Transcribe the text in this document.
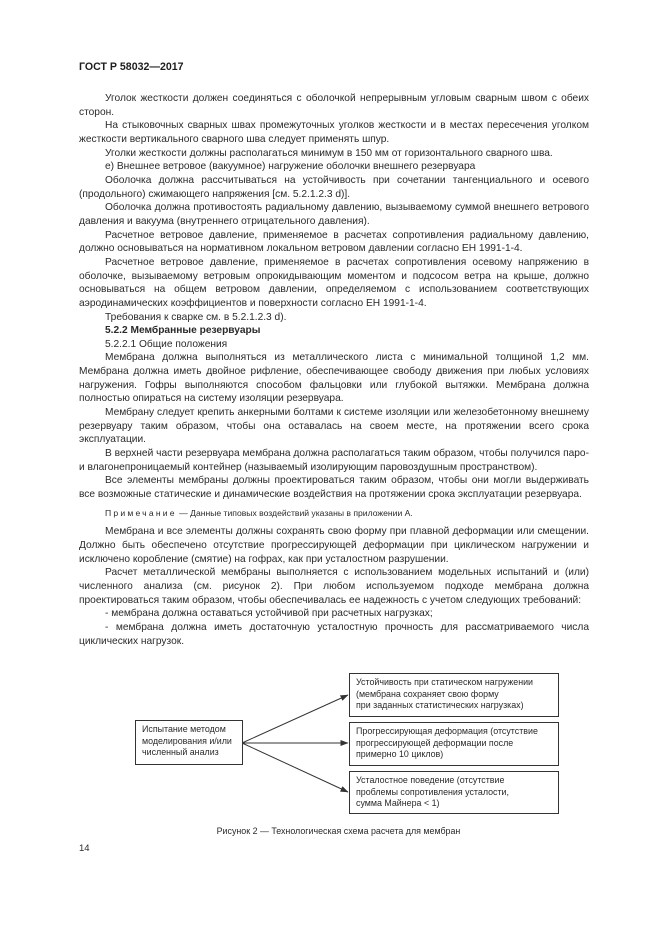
ГОСТ Р 58032—2017

Уголок жесткости должен соединяться с оболочкой непрерывным угловым сварным швом с обеих сторон.

На стыковочных сварных швах промежуточных уголков жесткости и в местах пересечения уголком жесткости вертикального сварного шва следует применять шпур.

Уголки жесткости должны располагаться минимум в 150 мм от горизонтального сварного шва.

е) Внешнее ветровое (вакуумное) нагружение оболочки внешнего резервуара

Оболочка должна рассчитываться на устойчивость при сочетании тангенциального и осевого (продольного) сжимающего напряжения [см. 5.2.1.2.3 d)].

Оболочка должна противостоять радиальному давлению, вызываемому суммой внешнего ветрового давления и вакуума (внутреннего отрицательного давления).

Расчетное ветровое давление, применяемое в расчетах сопротивления радиальному давлению, должно основываться на нормативном локальном ветровом давлении согласно ЕН 1991-1-4.

Расчетное ветровое давление, применяемое в расчетах сопротивления осевому напряжению в оболочке, вызываемому ветровым опрокидывающим моментом и подсосом ветра на крыше, должно основываться на общем ветровом давлении, определяемом с использованием соответствующих аэродинамических коэффициентов и поверхности согласно ЕН 1991-1-4.

Требования к сварке см. в 5.2.1.2.3 d).

5.2.2 Мембранные резервуары

5.2.2.1 Общие положения

Мембрана должна выполняться из металлического листа с минимальной толщиной 1,2 мм. Мембрана должна иметь двойное рифление, обеспечивающее свободу движения при любых условиях нагружения. Гофры выполняются способом фальцовки или глубокой вытяжки. Мембрана должна полностью опираться на систему изоляции резервуара.

Мембрану следует крепить анкерными болтами к системе изоляции или железобетонному внешнему резервуару таким образом, чтобы она оставалась на своем месте, на протяжении всего срока эксплуатации.

В верхней части резервуара мембрана должна располагаться таким образом, чтобы получился паро- и влагонепроницаемый контейнер (называемый изолирующим паровоздушным пространством).

Все элементы мембраны должны проектироваться таким образом, чтобы они могли выдерживать все возможные статические и динамические воздействия на протяжении срока эксплуатации резервуара.

Примечание — Данные типовых воздействий указаны в приложении А.

Мембрана и все элементы должны сохранять свою форму при плавной деформации или смещении. Должно быть обеспечено отсутствие прогрессирующей деформации при циклическом нагружении и исключено коробление (смятие) на гофрах, как при усталостном разрушении.

Расчет металлической мембраны выполняется с использованием модельных испытаний и (или) численного анализа (см. рисунок 2). При любом используемом подходе мембрана должна проектироваться таким образом, чтобы обеспечивалась ее надежность с учетом следующих требований:

- мембрана должна оставаться устойчивой при расчетных нагрузках;

- мембрана должна иметь достаточную усталостную прочность для рассматриваемого числа циклических нагрузок.

Испытание методом
моделирования и/или
численный анализ
Устойчивость при статическом нагружении
(мембрана сохраняет свою форму
при заданных статистических нагрузках)
Прогрессирующая деформация (отсутствие
прогрессирующей деформации после
примерно 10 циклов)
Усталостное поведение (отсутствие
проблемы сопротивления усталости,
сумма Майнера < 1)
Рисунок 2 — Технологическая схема расчета для мембран
14
